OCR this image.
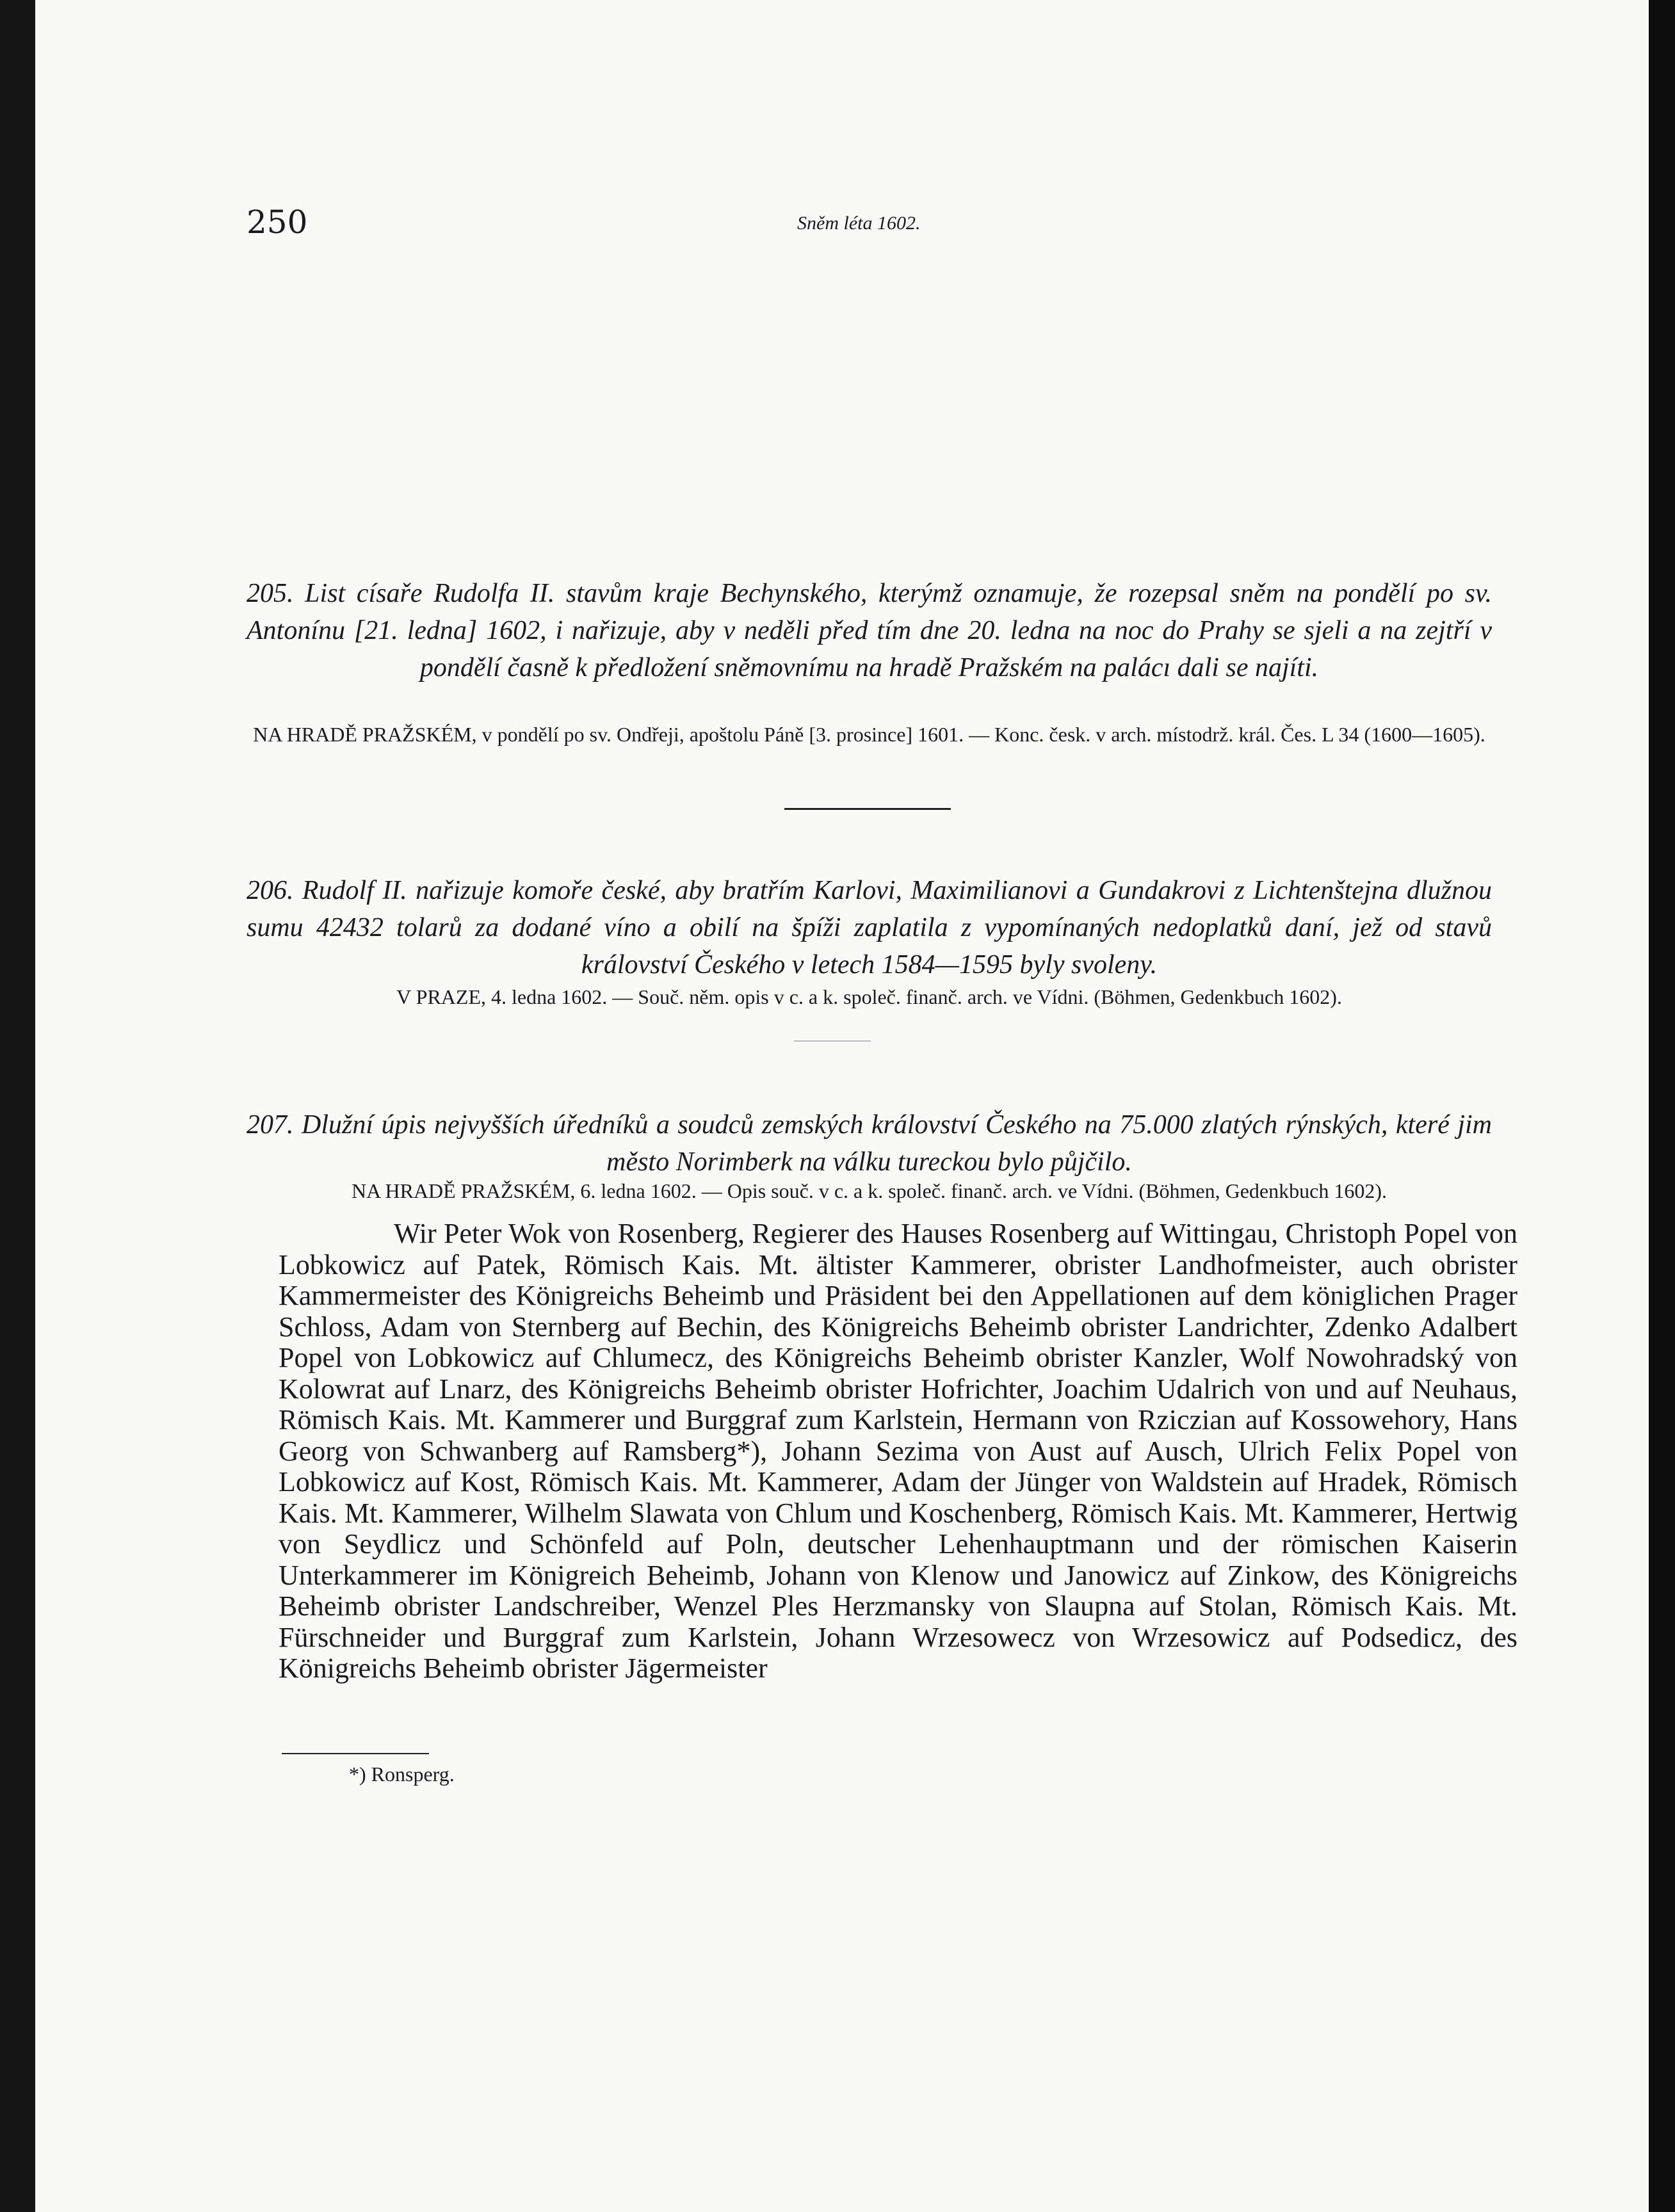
250	Sněm léta 1602.
205. List císaře Rudolfa II. stavům kraje Bechynského, kterýmž oznamuje, že rozepsal sněm na pondělí po sv. Antonínu [21. ledna] 1602, i nařizuje, aby v neděli před tím dne 20. ledna na noc do Prahy se sjeli a na zejtří v pondělí časně k předložení sněmovnímu na hradě Pražském na palácı dali se najíti.
NA HRADĚ PRAŽSKÉM, v pondělí po sv. Ondřeji, apoštolu Páně [3. prosince] 1601. — Konc. česk. v arch. místodrž. král. Čes. L 34 (1600—1605).
206. Rudolf II. nařizuje komoře české, aby bratřím Karlovi, Maximilianovi a Gundakrovi z Lichtenštejna dlužnou sumu 42432 tolarů za dodané víno a obilí na špíži zaplatila z vypomínaných nedoplatků daní, jež od stavů království Českého v letech 1584—1595 byly svoleny.
V PRAZE, 4. ledna 1602. — Souč. něm. opis v c. a k. společ. finanč. arch. ve Vídni. (Böhmen, Gedenkbuch 1602).
207. Dlužní úpis nejvyšších úředníků a soudců zemských království Českého na 75.000 zlatých rýnských, které jim město Norimberk na válku tureckou bylo půjčilo.
NA HRADĚ PRAŽSKÉM, 6. ledna 1602. — Opis souč. v c. a k. společ. finanč. arch. ve Vídni. (Böhmen, Gedenkbuch 1602).

Wir Peter Wok von Rosenberg, Regierer des Hauses Rosenberg auf Wittingau, Christoph Popel von Lobkowicz auf Patek, Römisch Kais. Mt. ältister Kammerer, obrister Landhofmeister, auch obrister Kammermeister des Königreichs Beheimb und Präsident bei den Appellationen auf dem königlichen Prager Schloss, Adam von Sternberg auf Bechin, des Königreichs Beheimb obrister Landrichter, Zdenko Adalbert Popel von Lobkowicz auf Chlumecz, des Königreichs Beheimb obrister Kanzler, Wolf Nowohradský von Kolowrat auf Lnarz, des Königreichs Beheimb obrister Hofrichter, Joachim Udalrich von und auf Neuhaus, Römisch Kais. Mt. Kammerer und Burggraf zum Karlstein, Hermann von Rziczian auf Kossowehory, Hans Georg von Schwanberg auf Ramsberg*), Johann Sezima von Aust auf Ausch, Ulrich Felix Popel von Lobkowicz auf Kost, Römisch Kais. Mt. Kammerer, Adam der Jünger von Waldstein auf Hradek, Römisch Kais. Mt. Kammerer, Wilhelm Slawata von Chlum und Koschenberg, Römisch Kais. Mt. Kammerer, Hertwig von Seydlicz und Schönfeld auf Poln, deutscher Lehenhauptmann und der römischen Kaiserin Unterkammerer im Königreich Beheimb, Johann von Klenow und Janowicz auf Zinkow, des Königreichs Beheimb obrister Landschreiber, Wenzel Ples Herzmansky von Slaupna auf Stolan, Römisch Kais. Mt. Fürschneider und Burggraf zum Karlstein, Johann Wrzesowecz von Wrzesowicz auf Podsedicz, des Königreichs Beheimb obrister Jägermeister

*) Ronsperg.
